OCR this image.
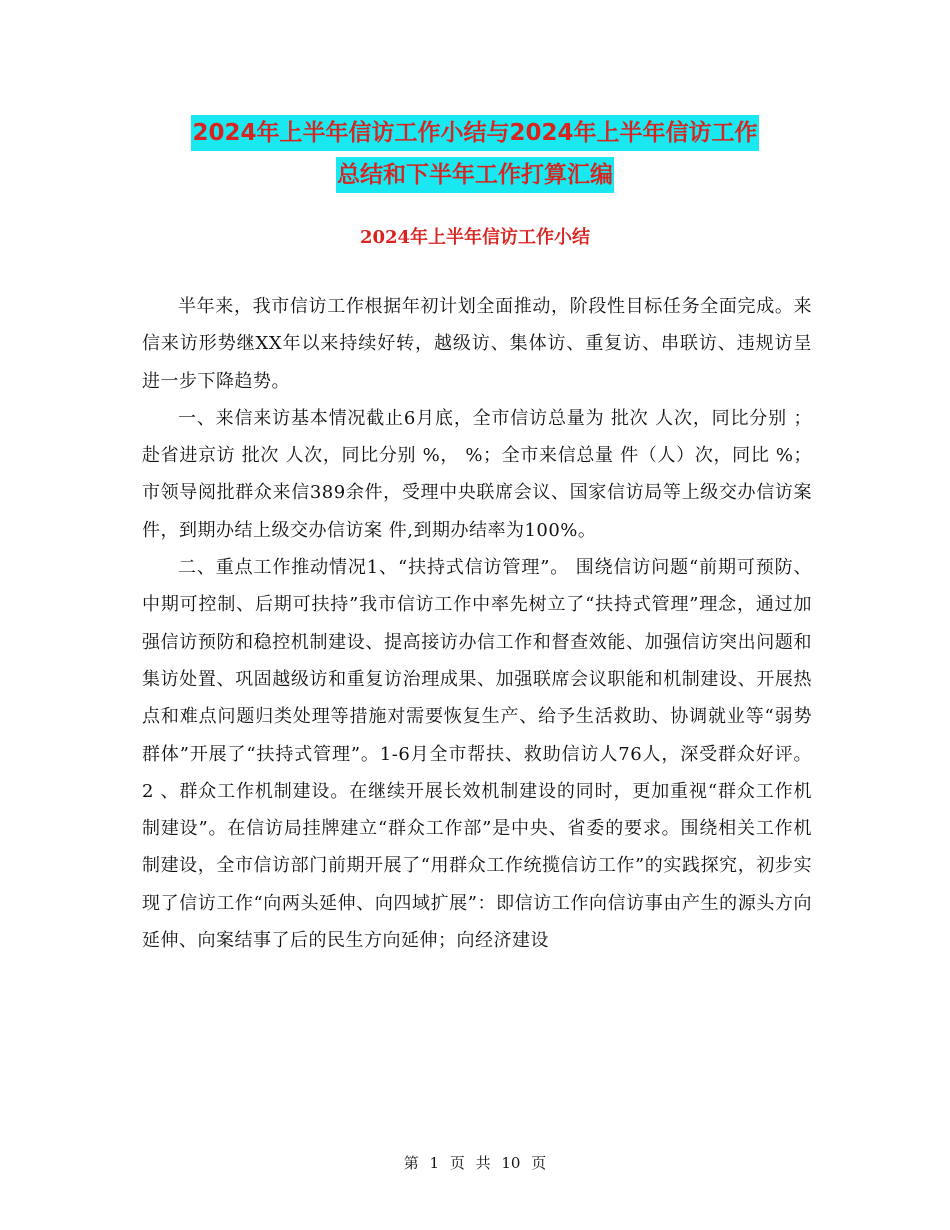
2024年上半年信访工作小结与2024年上半年信访工作
总结和下半年工作打算汇编
2024年上半年信访工作小结

半年来，我市信访工作根据年初计划全面推动，阶段性目标任务全面完成。来信来访形势继XX年以来持续好转，越级访、集体访、重复访、串联访、违规访呈进一步下降趋势。

一、来信来访基本情况截止6月底，全市信访总量为 批次 人次，同比分别 ；赴省进京访 批次 人次，同比分别 %， %；全市来信总量 件（人）次，同比 %；市领导阅批群众来信389余件，受理中央联席会议、国家信访局等上级交办信访案 件，到期办结上级交办信访案 件,到期办结率为100%。

二、重点工作推动情况1、“扶持式信访管理”。 围绕信访问题“前期可预防、中期可控制、后期可扶持”我市信访工作中率先树立了“扶持式管理”理念，通过加强信访预防和稳控机制建设、提高接访办信工作和督查效能、加强信访突出问题和集访处置、巩固越级访和重复访治理成果、加强联席会议职能和机制建设、开展热点和难点问题归类处理等措施对需要恢复生产、给予生活救助、协调就业等“弱势群体”开展了“扶持式管理”。1-6月全市帮扶、救助信访人76人，深受群众好评。 2 、群众工作机制建设。在继续开展长效机制建设的同时，更加重视“群众工作机制建设”。在信访局挂牌建立“群众工作部”是中央、省委的要求。围绕相关工作机制建设，全市信访部门前期开展了“用群众工作统揽信访工作”的实践探究，初步实现了信访工作“向两头延伸、向四域扩展”：即信访工作向信访事由产生的源头方向延伸、向案结事了后的民生方向延伸；向经济建设

第 1 页 共 10 页
